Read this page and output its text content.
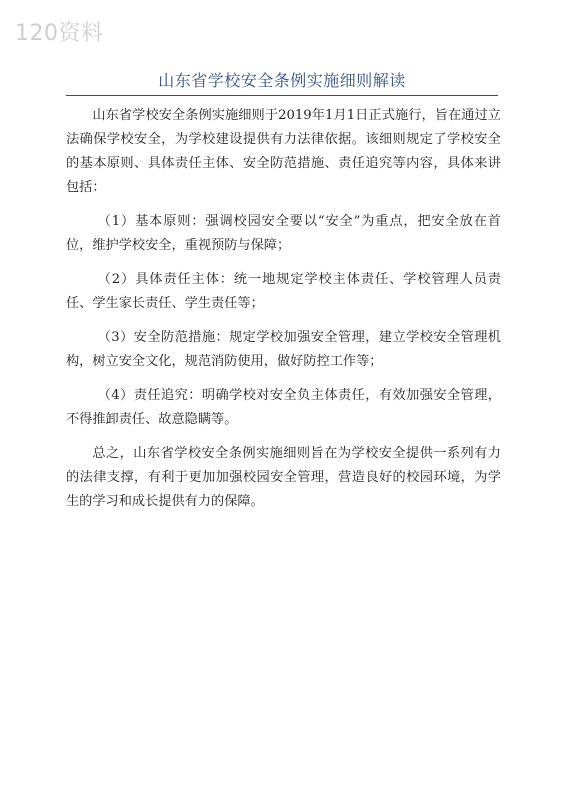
120资料
山东省学校安全条例实施细则解读

山东省学校安全条例实施细则于2019年1月1日正式施行，旨在通过立法确保学校安全，为学校建设提供有力法律依据。该细则规定了学校安全的基本原则、具体责任主体、安全防范措施、责任追究等内容，具体来讲包括：

（1）基本原则：强调校园安全要以“安全”为重点，把安全放在首位，维护学校安全，重视预防与保障；

（2）具体责任主体：统一地规定学校主体责任、学校管理人员责任、学生家长责任、学生责任等；

（3）安全防范措施：规定学校加强安全管理，建立学校安全管理机构，树立安全文化，规范消防使用，做好防控工作等；

（4）责任追究：明确学校对安全负主体责任，有效加强安全管理，不得推卸责任、故意隐瞒等。

总之，山东省学校安全条例实施细则旨在为学校安全提供一系列有力的法律支撑，有利于更加加强校园安全管理，营造良好的校园环境，为学生的学习和成长提供有力的保障。
